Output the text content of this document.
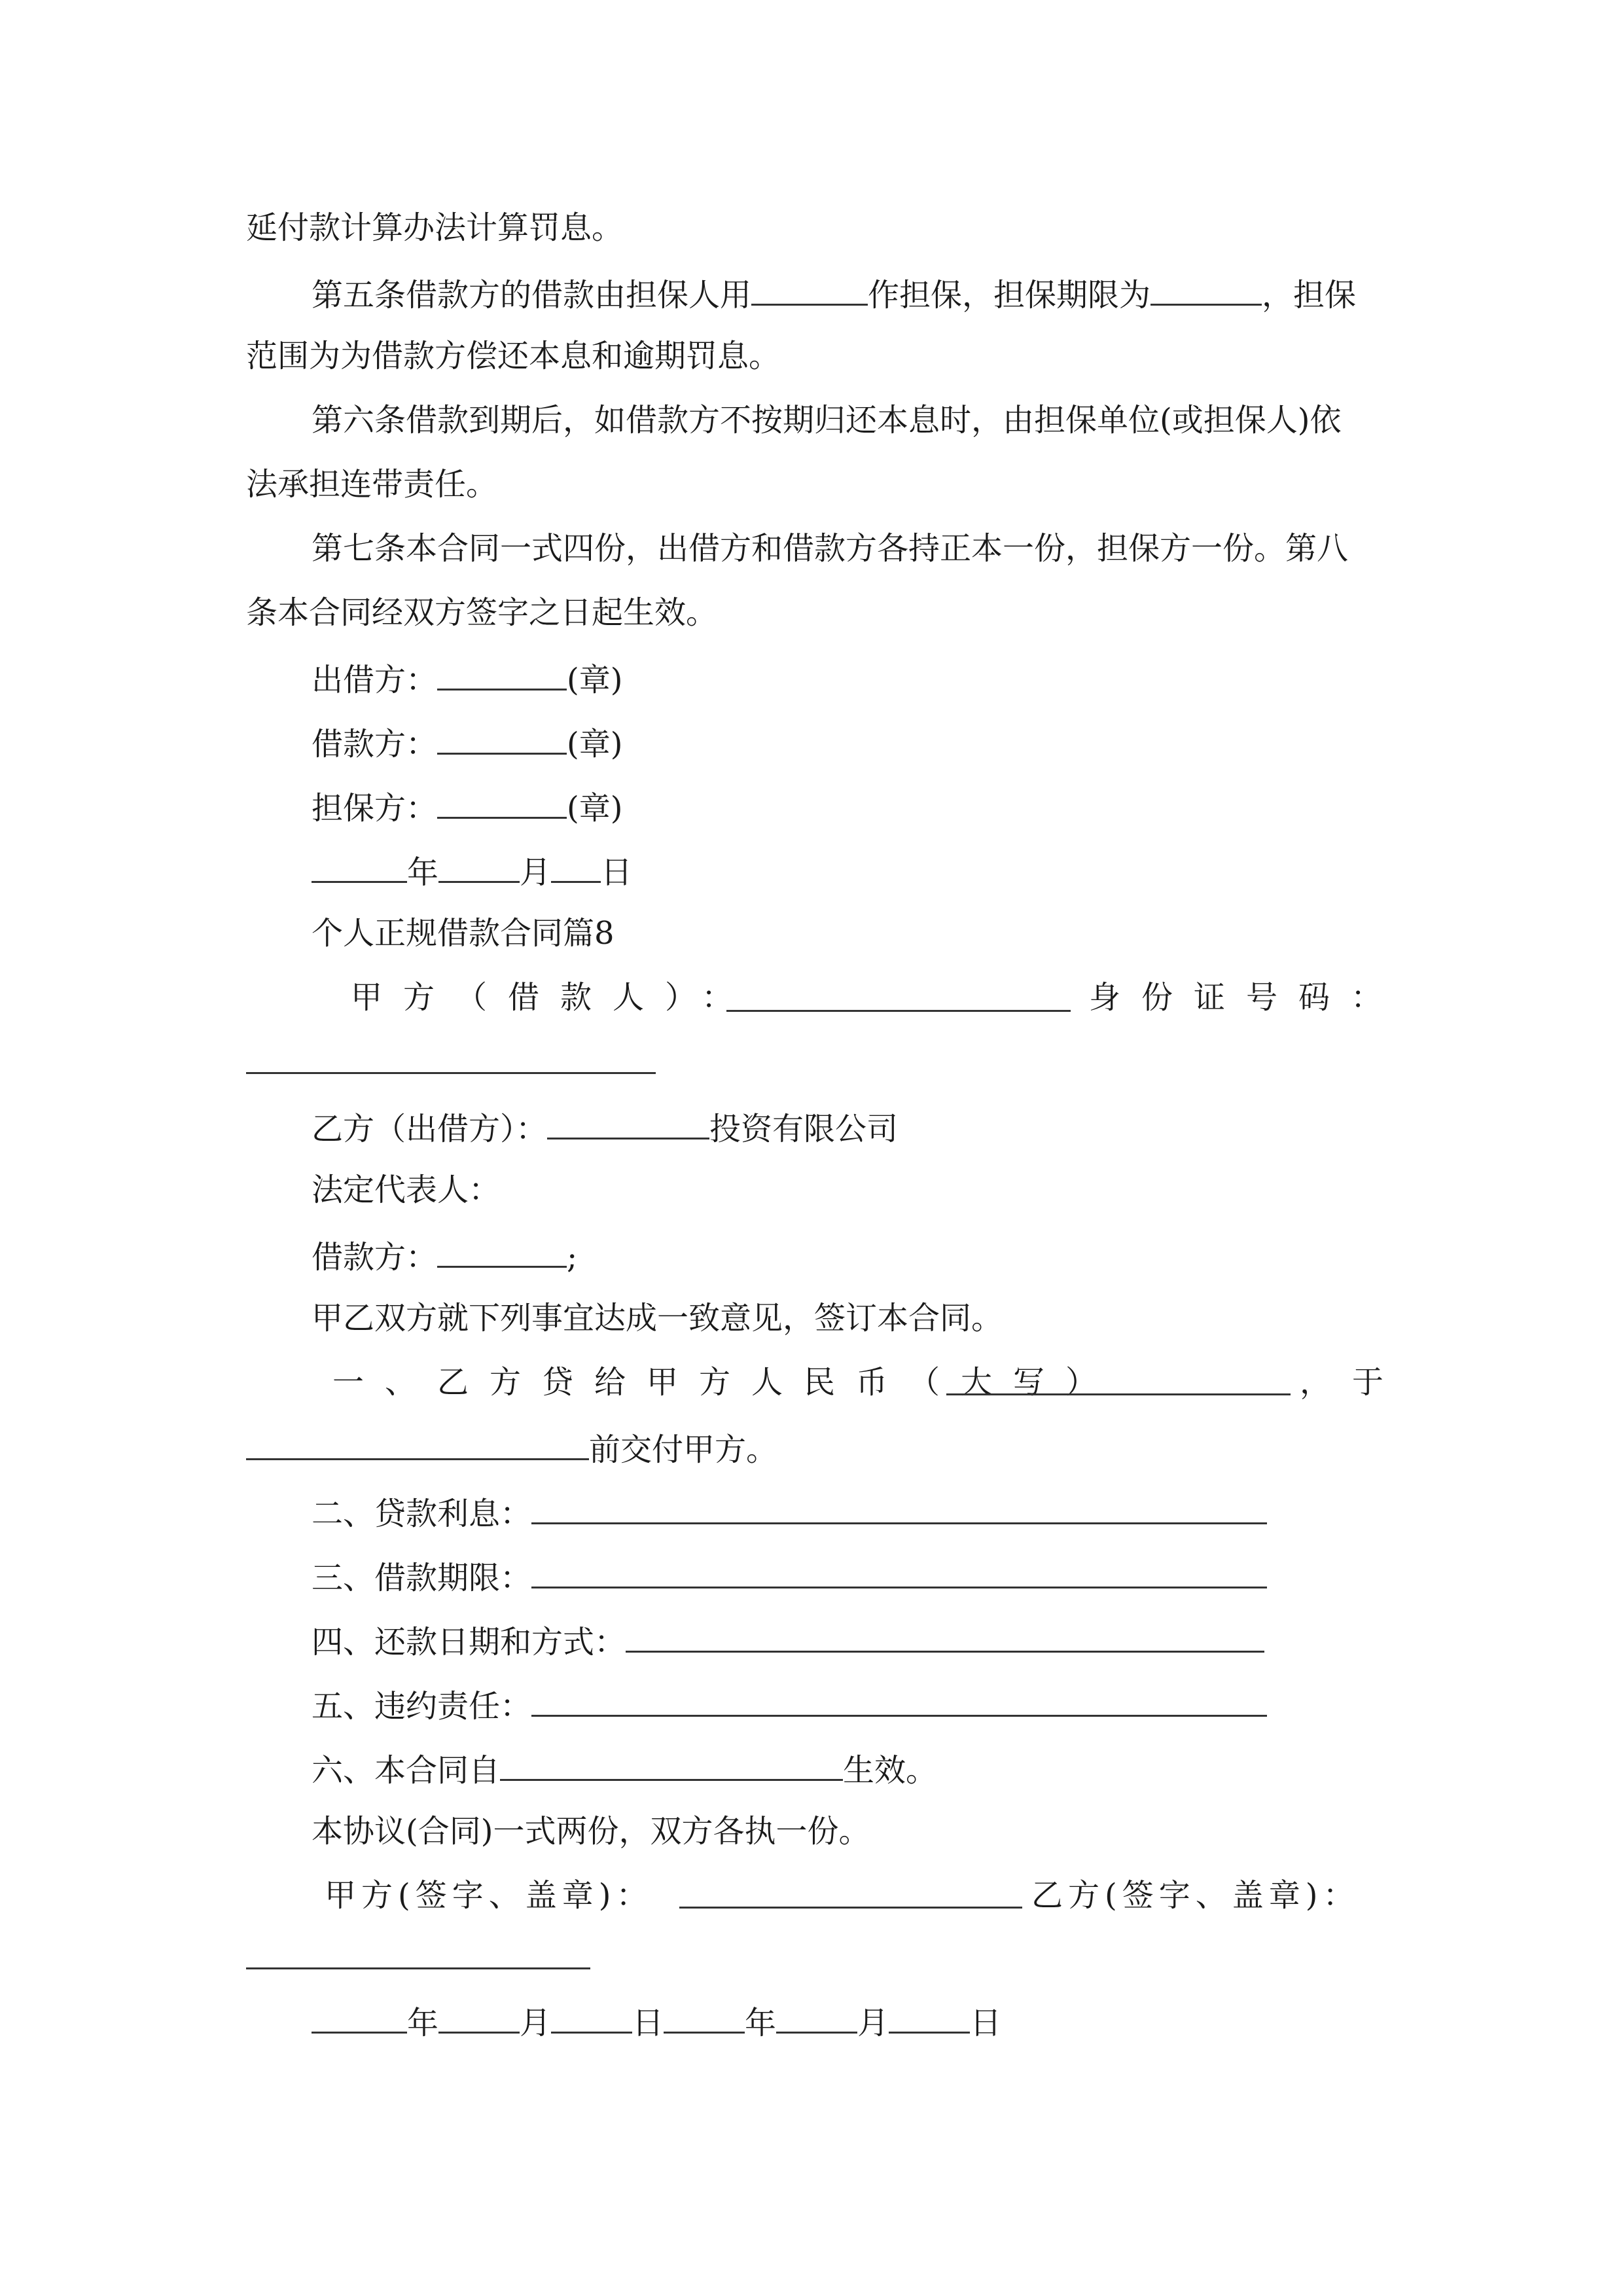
延付款计算办法计算罚息。
第五条借款方的借款由担保人用	作担保，担保期限为	，担保
范围为为借款方偿还本息和逾期罚息。
第六条借款到期后，如借款方不按期归还本息时，由担保单位(或担保人)依
法承担连带责任。
第七条本合同一式四份，出借方和借款方各持正本一份，担保方一份。第八
条本合同经双方签字之日起生效。
出借方：	(章)
借款方：	(章)
担保方：	(章)
年	月 日
个人正规借款合同篇8
甲方（借款人）：	身份证号码：
乙方（出借方）：	投资有限公司
法定代表人：
借款方：	;
甲乙双方就下列事宜达成一致意见，签订本合同。
一、乙方贷给甲方人民币（大写）	，于
前交付甲方。
二、贷款利息：
三、借款期限：
四、还款日期和方式：
五、违约责任：
六、本合同自	生效。
本协议(合同)一式两份，双方各执一份。
甲方(签字、盖章)：	乙方(签字、盖章)：
年	月	日	年	月	日
